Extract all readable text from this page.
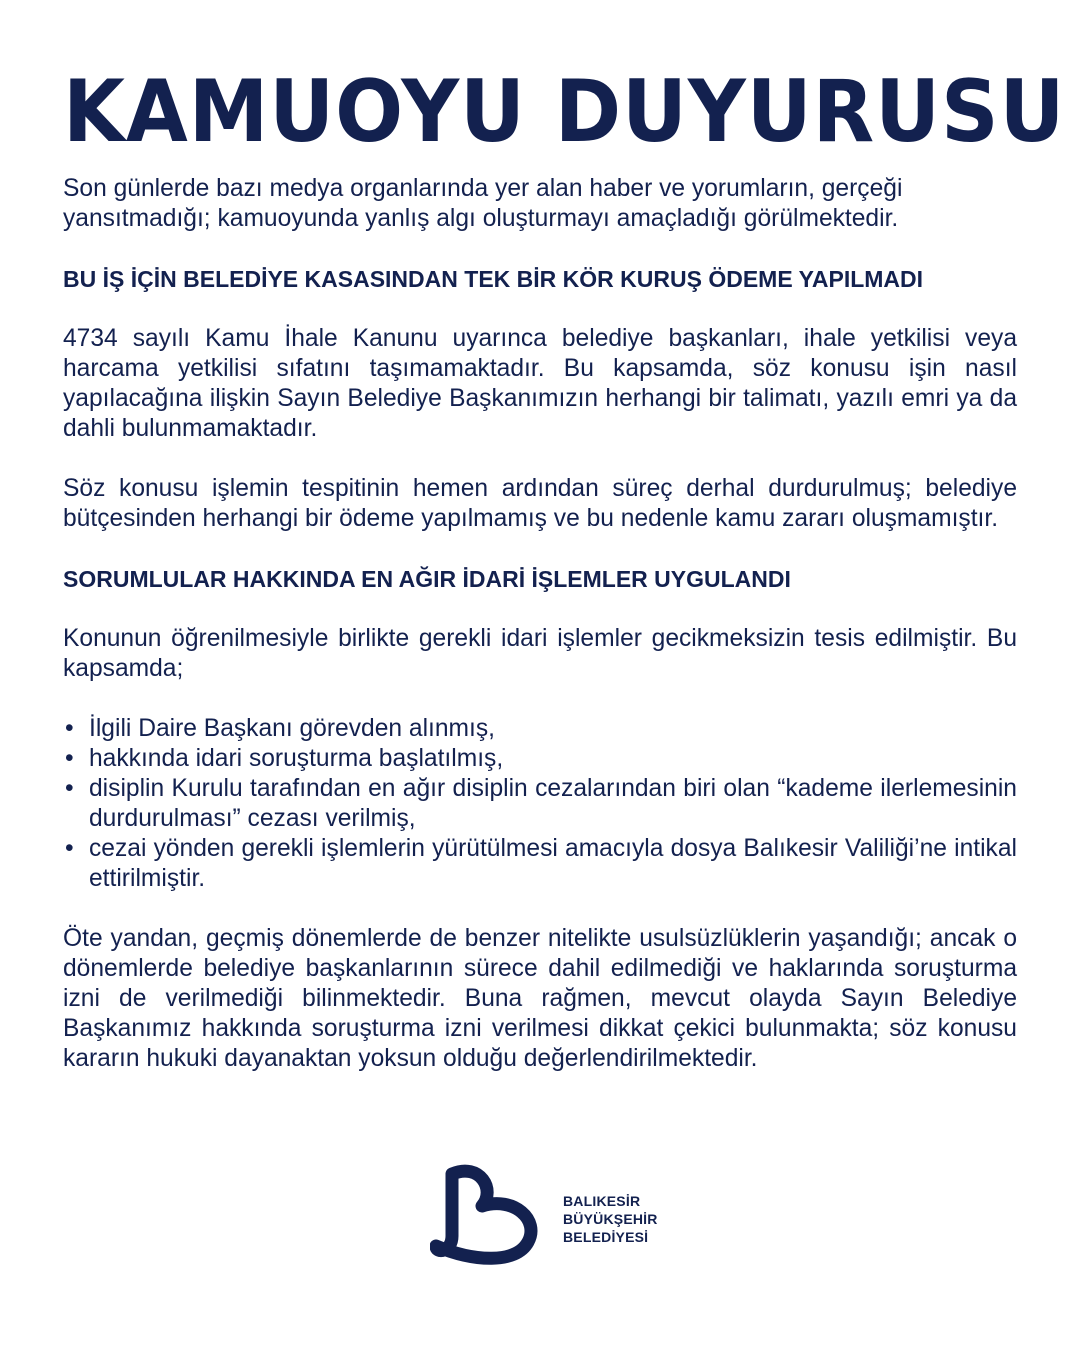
KAMUOYU DUYURUSU

Son günlerde bazı medya organlarında yer alan haber ve yorumların, gerçeği yansıtmadığı; kamuoyunda yanlış algı oluşturmayı amaçladığı görülmektedir.

BU İŞ İÇİN BELEDİYE KASASINDAN TEK BİR KÖR KURUŞ ÖDEME YAPILMADI

4734 sayılı Kamu İhale Kanunu uyarınca belediye başkanları, ihale yetkilisi veya harcama yetkilisi sıfatını taşımamaktadır. Bu kapsamda, söz konusu işin nasıl yapılacağına ilişkin Sayın Belediye Başkanımızın herhangi bir talimatı, yazılı emri ya da dahli bulunmamaktadır.

Söz konusu işlemin tespitinin hemen ardından süreç derhal durdurulmuş; belediye bütçesinden herhangi bir ödeme yapılmamış ve bu nedenle kamu zararı oluşmamıştır.

SORUMLULAR HAKKINDA EN AĞIR İDARİ İŞLEMLER UYGULANDI

Konunun öğrenilmesiyle birlikte gerekli idari işlemler gecikmeksizin tesis edilmiştir. Bu kapsamda;

• İlgili Daire Başkanı görevden alınmış,
• hakkında idari soruşturma başlatılmış,
• disiplin Kurulu tarafından en ağır disiplin cezalarından biri olan “kademe ilerlemesinin durdurulması” cezası verilmiş,
• cezai yönden gerekli işlemlerin yürütülmesi amacıyla dosya Balıkesir Valiliği’ne intikal ettirilmiştir.

Öte yandan, geçmiş dönemlerde de benzer nitelikte usulsüzlüklerin yaşandığı; ancak o dönemlerde belediye başkanlarının sürece dahil edilmediği ve haklarında soruşturma izni de verilmediği bilinmektedir. Buna rağmen, mevcut olayda Sayın Belediye Başkanımız hakkında soruşturma izni verilmesi dikkat çekici bulunmakta; söz konusu kararın hukuki dayanaktan yoksun olduğu değerlendirilmektedir.

BALIKESİR
BÜYÜKŞEHİR
BELEDİYESİ
